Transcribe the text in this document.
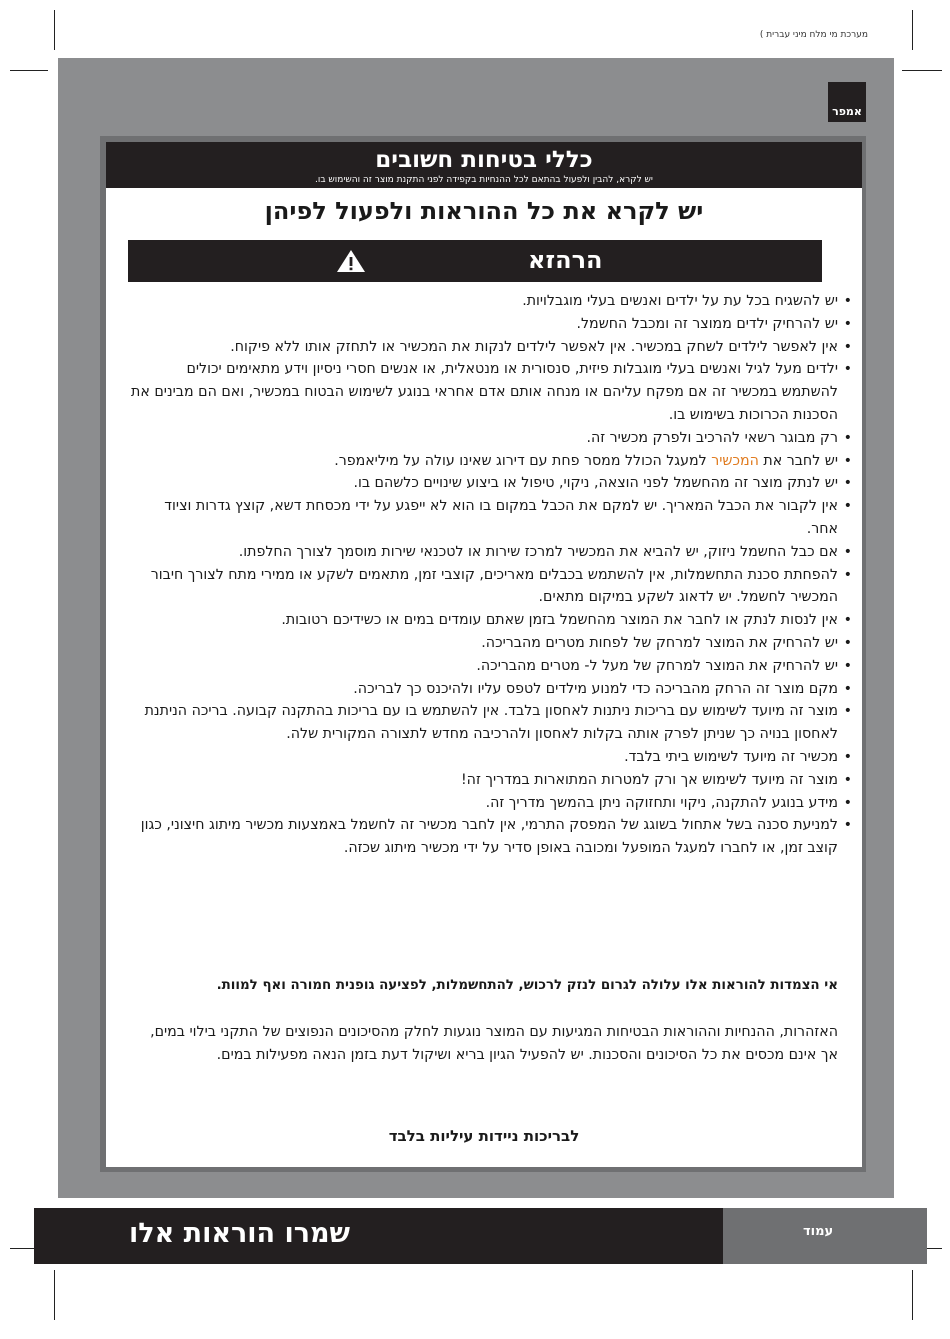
מערכת מי מלח מיני עברית )
אמפר
כללי בטיחות חשובים
יש לקרא, להבין ולפעול בהתאם לכל ההנחיות בקפידה לפני התקנת מוצר זה והשימוש בו.
יש לקרא את כל ההוראות ולפעול לפיהן
הרהזא
• יש להשגיח בכל עת על ילדים ואנשים בעלי מוגבלויות.
• יש להרחיק ילדים ממוצר זה ומכבל החשמל.
• אין לאפשר לילדים לשחק במכשיר. אין לאפשר לילדים לנקות את המכשיר או לתחזק אותו ללא פיקוח.
• ילדים מעל לגיל ואנשים בעלי מוגבלות פיזית, סנסורית או מנטאלית, או אנשים חסרי ניסיון וידע מתאימים יכולים להשתמש במכשיר זה אם מפקח עליהם או מנחה אותם אדם אחראי בנוגע לשימוש הבטוח במכשיר, ואם הם מבינים את הסכנות הכרוכות בשימוש בו.
• רק מבוגר רשאי להרכיב ולפרק מכשיר זה.
• יש לחבר את המכשיר למעגל הכולל ממסר פחת עם דירוג שאינו עולה על מיליאמפר.
• יש לנתק מוצר זה מהחשמל לפני הוצאה, ניקוי, טיפול או ביצוע שינויים כלשהם בו.
• אין לקבור את הכבל המאריך. יש למקם את הכבל במקום בו הוא לא ייפגע על ידי מכסחת דשא, קוצץ גדרות וציוד אחר.
• אם כבל החשמל ניזוק, יש להביא את המכשיר למרכז שירות או לטכנאי שירות מוסמך לצורך החלפתו.
• להפחתת סכנת התחשמלות, אין להשתמש בכבלים מאריכים, קוצבי זמן, מתאמים לשקע או ממירי מתח לצורך חיבור המכשיר לחשמל. יש לדאוג לשקע במיקום מתאים.
• אין לנסות לנתק או לחבר את המוצר מהחשמל בזמן שאתם עומדים במים או כשידיכם רטובות.
• יש להרחיק את המוצר למרחק של לפחות מטרים מהבריכה.
• יש להרחיק את המוצר למרחק של מעל ל- מטרים מהבריכה.
• מקם מוצר זה הרחק מהבריכה כדי למנוע מילדים לטפס עליו ולהיכנס כך לבריכה.
• מוצר זה מיועד לשימוש עם בריכות ניתנות לאחסון בלבד. אין להשתמש בו עם בריכות בהתקנה קבועה. בריכה הניתנת לאחסון בנויה כך שניתן לפרק אותה בקלות לאחסון ולהרכיבה מחדש לתצורה המקורית שלה.
• מכשיר זה מיועד לשימוש ביתי בלבד.
• מוצר זה מיועד לשימוש אך ורק למטרות המתוארות במדריך זה!
• מידע בנוגע להתקנה, ניקוי ותחזוקה ניתן בהמשך מדריך זה.
• למניעת סכנה בשל אתחול בשוגג של המפסק התרמי, אין לחבר מכשיר זה לחשמל באמצעות מכשיר מיתוג חיצוני, כגון קוצב זמן, או לחברו למעגל המופעל ומכובה באופן סדיר על ידי מכשיר מיתוג שכזה.
אי הצמדות להוראות אלו עלולה לגרום לנזק לרכוש, להתחשמלות, לפציעה גופנית חמורה ואף למוות.
האזהרות, ההנחיות וההוראות הבטיחות המגיעות עם המוצר נוגעות לחלק מהסיכונים הנפוצים של התקני בילוי במים, אך אינם מכסים את כל הסיכונים והסכנות. יש להפעיל הגיון בריא ושיקול דעת בזמן הנאה מפעילות במים.
לבריכות ניידות עיליות בלבד
שמרו הוראות אלו	עמוד
